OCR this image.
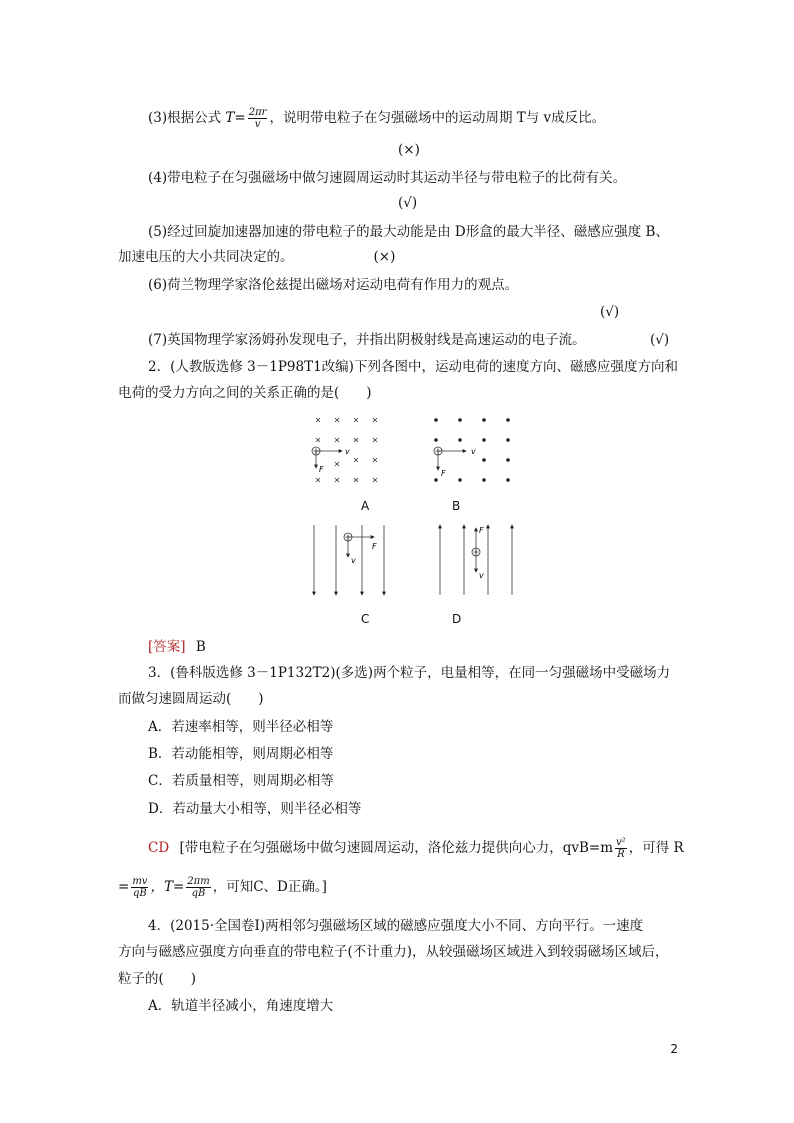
(3)根据公式 $T= \frac{2\pi r}{v}$ ，说明带电粒子在匀强磁场中的运动周期 T与 v成反比。
(×)
(4)带电粒子在匀强磁场中做匀速圆周运动时其运动半径与带电粒子的比荷有关。
(√)
(5)经过回旋加速器加速的带电粒子的最大动能是由 D形盒的最大半径、磁感应强度 B、
加速电压的大小共同决定的。	(×)
(6)荷兰物理学家洛伦兹提出磁场对运动电荷有作用力的观点。
(√)
(7)英国物理学家汤姆孙发现电子，并指出阴极射线是高速运动的电子流。	(√)
2．(人教版选修 3－1P98T1改编)下列各图中，运动电荷的速度方向、磁感应强度方向和
电荷的受力方向之间的关系正确的是(　　)
v
F
v
F
F
v
F
v
A	B
C	D
[答案] B
3．(鲁科版选修 3－1P132T2)(多选)两个粒子，电量相等，在同一匀强磁场中受磁场力
而做匀速圆周运动(　　)
A．若速率相等，则半径必相等
B．若动能相等，则周期必相等
C．若质量相等，则周期必相等
D．若动量大小相等，则半径必相等
CD [带电粒子在匀强磁场中做匀速圆周运动，洛伦兹力提供向心力，$qvB=m \frac{\text{v²}}{R}$ ，可得 R
= $\frac{mv}{qB}$ ，$T= \frac{2\pi m}{qB}$ ，可知C、D正确。]
4．(2015·全国卷Ⅰ)两相邻匀强磁场区域的磁感应强度大小不同、方向平行。一速度
方向与磁感应强度方向垂直的带电粒子(不计重力)，从较强磁场区域进入到较弱磁场区域后，
粒子的(　　)
A．轨道半径减小，角速度增大
2
